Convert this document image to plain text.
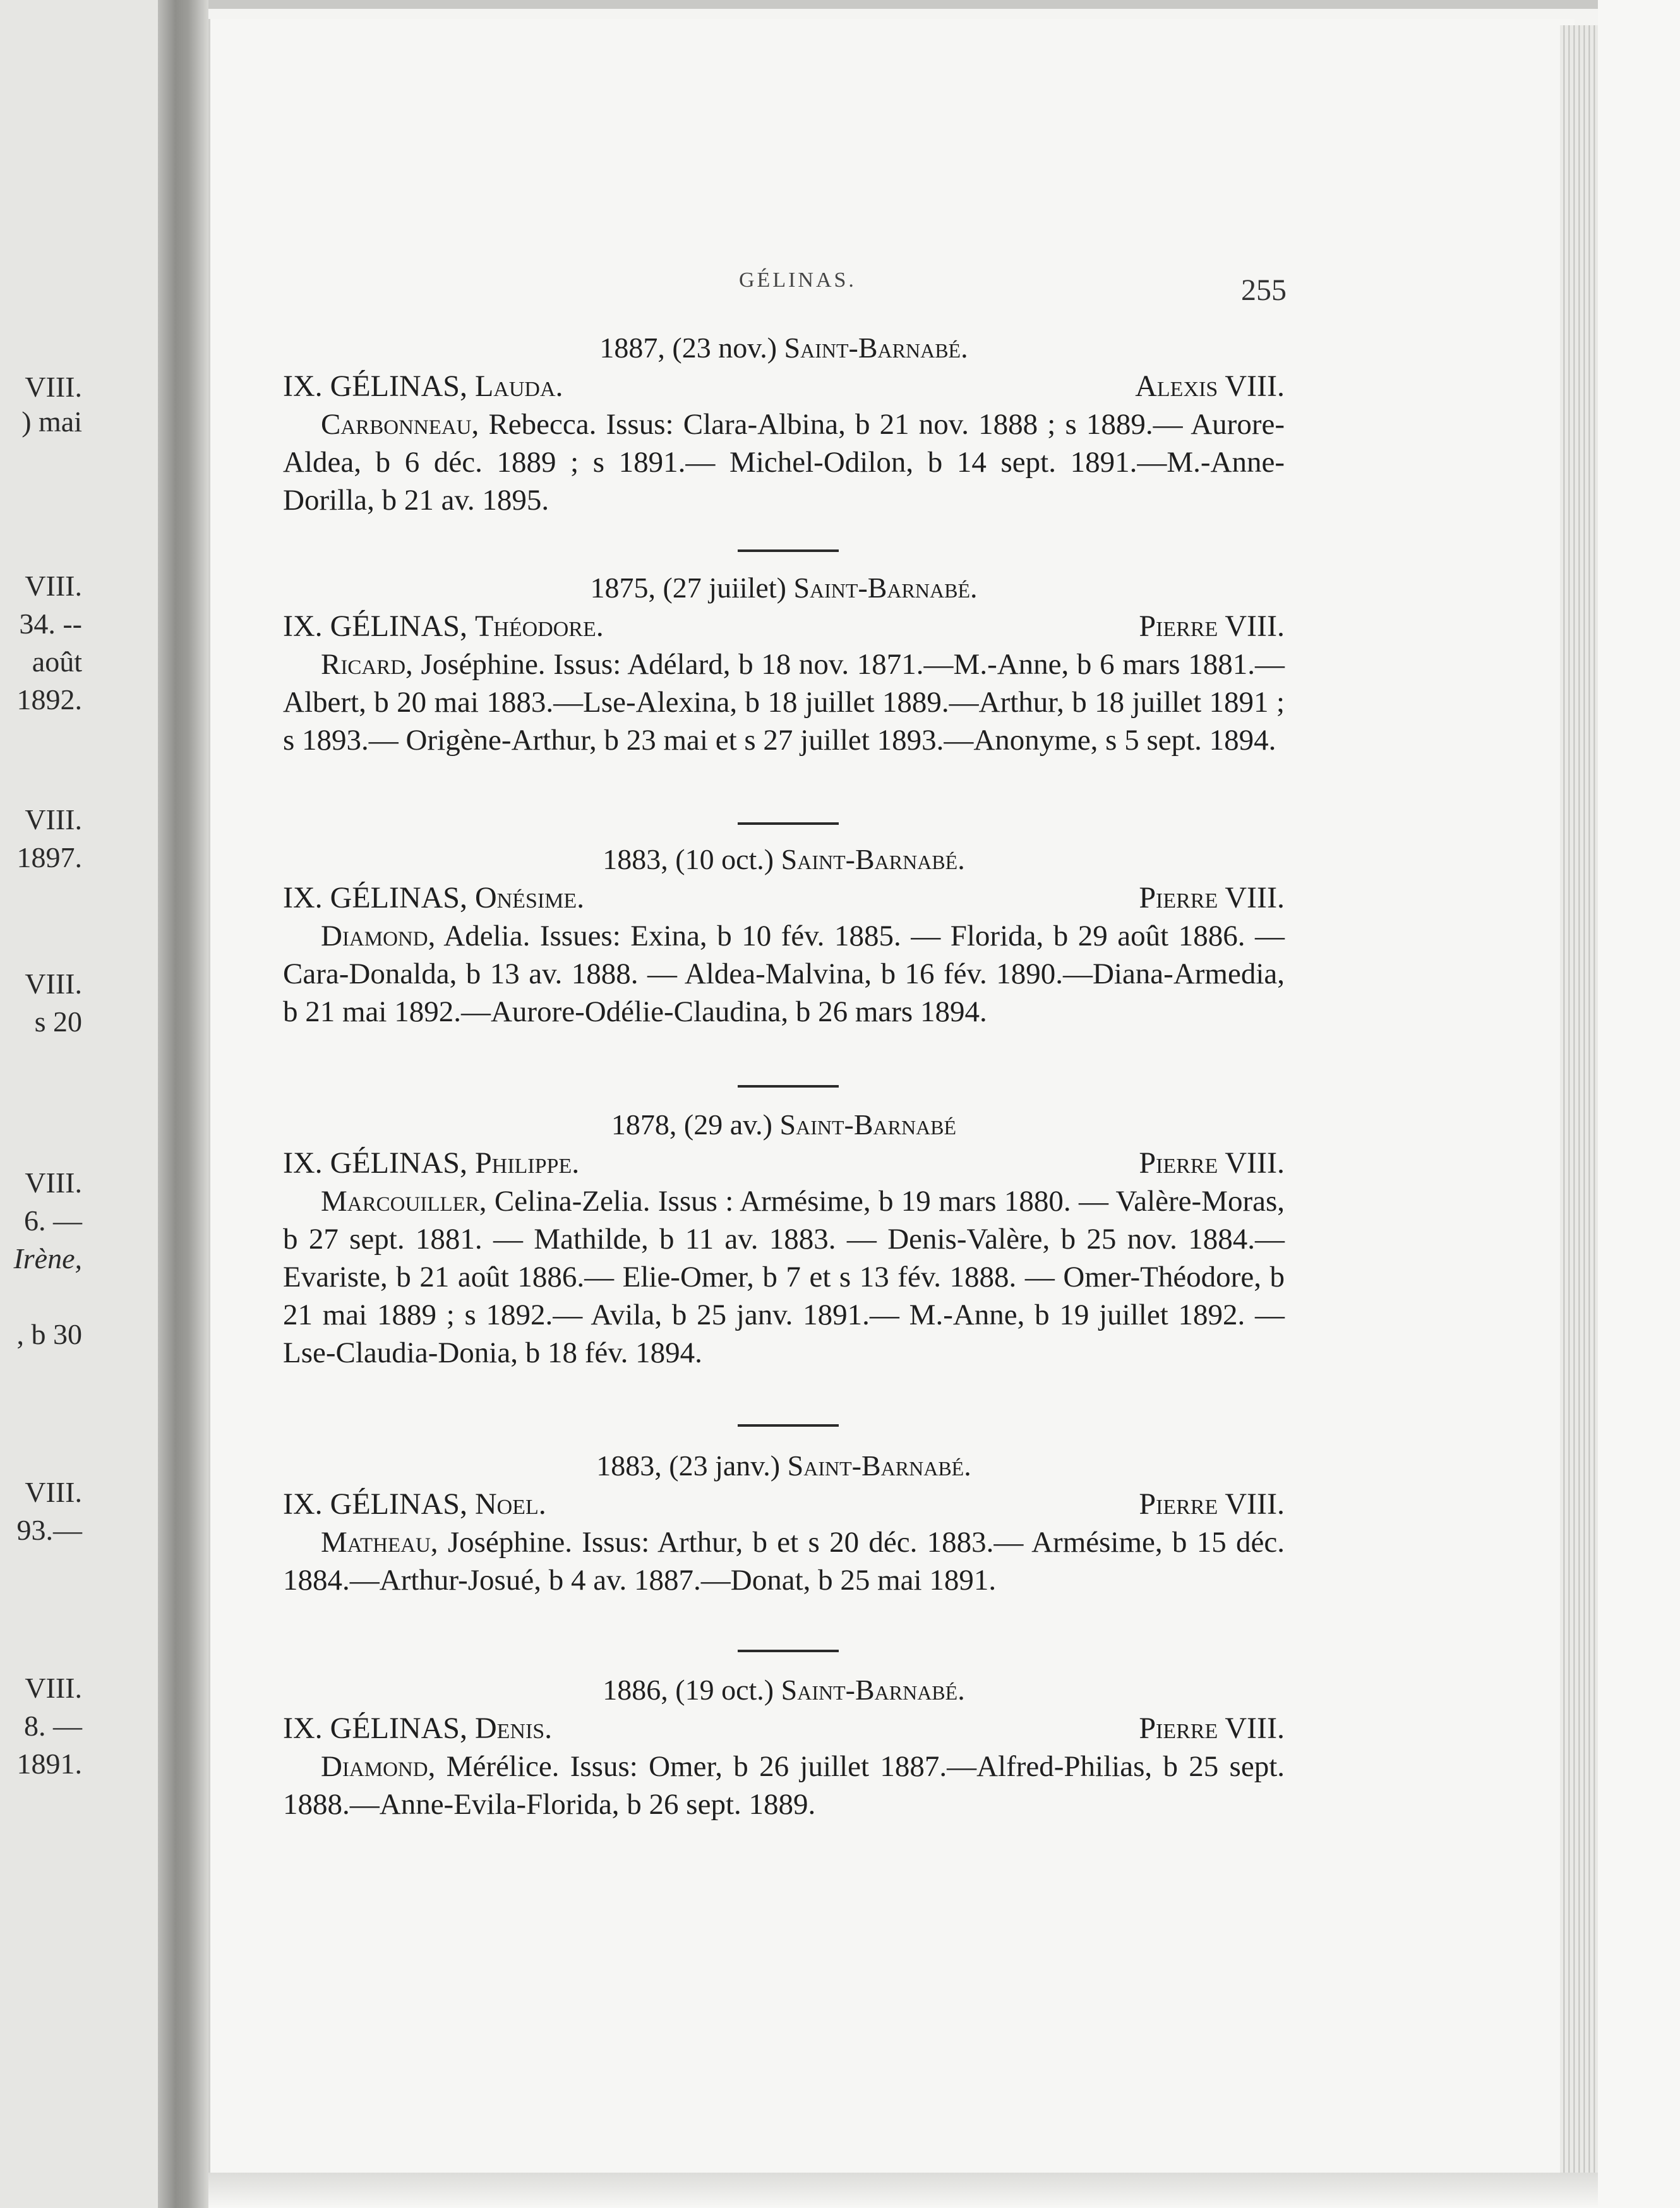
VIII.
) mai
VIII.
34. --
août
1892.
VIII.
1897.
VIII.
s 20
VIII.
6. —
Irène,
, b 30
VIII.
93.—
VIII.
8. —
1891.
GÉLINAS.	255
1887, (23 nov.) Saint-Barnabé.
IX. GÉLINAS, Lauda.	Alexis VIII.

Carbonneau, Rebecca. Issus: Clara-Albina, b 21 nov. 1888 ; s 1889.— Aurore-Aldea, b 6 déc. 1889 ; s 1891.— Michel-Odilon, b 14 sept. 1891.—M.-Anne-Dorilla, b 21 av. 1895.

1875, (27 juiilet) Saint-Barnabé.
IX. GÉLINAS, Théodore.	Pierre VIII.

Ricard, Joséphine. Issus: Adélard, b 18 nov. 1871.—M.-Anne, b 6 mars 1881.—Albert, b 20 mai 1883.—Lse-Alexina, b 18 juillet 1889.—Arthur, b 18 juillet 1891 ; s 1893.— Origène-Arthur, b 23 mai et s 27 juillet 1893.—Anonyme, s 5 sept. 1894.

1883, (10 oct.) Saint-Barnabé.
IX. GÉLINAS, Onésime.	Pierre VIII.

Diamond, Adelia. Issues: Exina, b 10 fév. 1885. — Florida, b 29 août 1886. — Cara-Donalda, b 13 av. 1888. — Aldea-Malvina, b 16 fév. 1890.—Diana-Armedia, b 21 mai 1892.—Aurore-Odélie-Claudina, b 26 mars 1894.

1878, (29 av.) Saint-Barnabé
IX. GÉLINAS, Philippe.	Pierre VIII.

Marcouiller, Celina-Zelia. Issus : Armésime, b 19 mars 1880. — Valère-Moras, b 27 sept. 1881. — Mathilde, b 11 av. 1883. — Denis-Valère, b 25 nov. 1884.— Evariste, b 21 août 1886.— Elie-Omer, b 7 et s 13 fév. 1888. — Omer-Théodore, b 21 mai 1889 ; s 1892.— Avila, b 25 janv. 1891.— M.-Anne, b 19 juillet 1892. — Lse-Claudia-Donia, b 18 fév. 1894.

1883, (23 janv.) Saint-Barnabé.
IX. GÉLINAS, Noel.	Pierre VIII.

Matheau, Joséphine. Issus: Arthur, b et s 20 déc. 1883.— Armésime, b 15 déc. 1884.—Arthur-Josué, b 4 av. 1887.—Donat, b 25 mai 1891.

1886, (19 oct.) Saint-Barnabé.
IX. GÉLINAS, Denis.	Pierre VIII.

Diamond, Mérélice. Issus: Omer, b 26 juillet 1887.—Alfred-Philias, b 25 sept. 1888.—Anne-Evila-Florida, b 26 sept. 1889.
